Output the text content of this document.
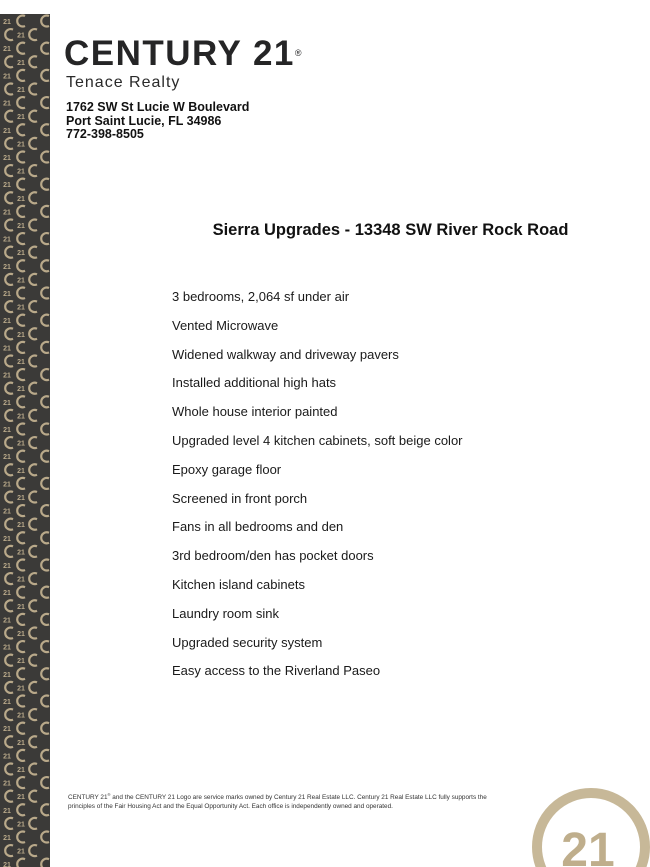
21
21
21
21
21
21
21
21
21
21
21
21
21
21
21
21
21
21
21
21
21
21
21
21
21
21
21
21
21
21
21
21
21
21
21
21
21
21
21
21
21
21
21
21
21
21
21
21
21
21
21
21
21
21
21
21
21
21
21
21
21
21
21
CENTURY 21®
Tenace Realty
1762 SW St Lucie W Boulevard
Port Saint Lucie, FL 34986
772-398-8505
Sierra Upgrades - 13348 SW River Rock Road
3 bedrooms, 2,064 sf under air
Vented Microwave
Widened walkway and driveway pavers
Installed additional high hats
Whole house interior painted
Upgraded level 4 kitchen cabinets, soft beige color
Epoxy garage floor
Screened in front porch
Fans in all bedrooms and den
3rd bedroom/den has pocket doors
Kitchen island cabinets
Laundry room sink
Upgraded security system
Easy access to the Riverland Paseo
CENTURY 21® and the CENTURY 21 Logo are service marks owned by Century 21 Real Estate LLC. Century 21 Real Estate LLC fully supports the principles of the Fair Housing Act and the Equal Opportunity Act. Each office is independently owned and operated.
21
